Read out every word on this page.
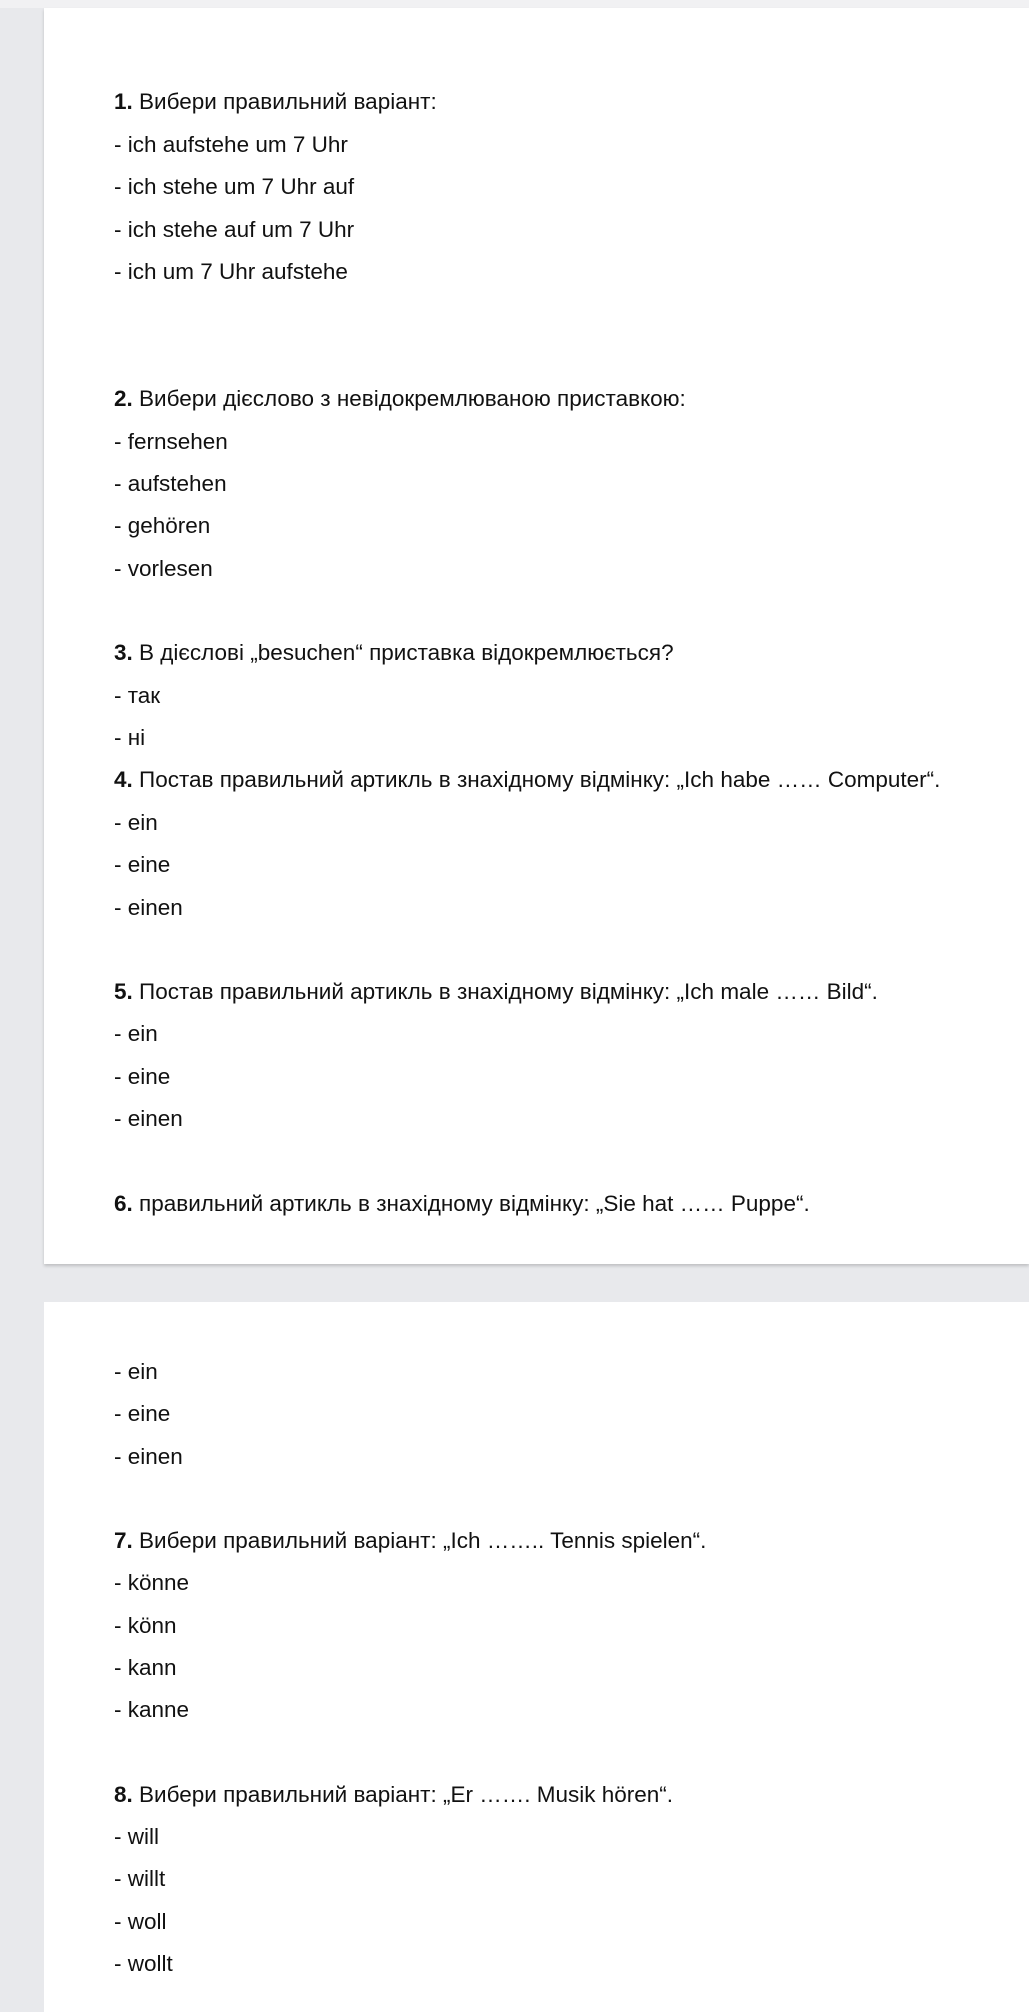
1. Вибери правильний варіант:
- ich aufstehe um 7 Uhr
- ich stehe um 7 Uhr auf
- ich stehe auf um 7 Uhr
- ich um 7 Uhr aufstehe
2. Вибери дієслово з невідокремлюваною приставкою:
- fernsehen
- aufstehen
- gehören
- vorlesen
3. В дієслові „besuchen“ приставка відокремлюється?
- так
- ні
4. Постав правильний артикль в знахідному відмінку: „Ich habe …… Computer“.
- ein
- eine
- einen
5. Постав правильний артикль в знахідному відмінку: „Ich male …… Bild“.
- ein
- eine
- einen
6. правильний артикль в знахідному відмінку: „Sie hat …… Puppe“.
- ein
- eine
- einen
7. Вибери правильний варіант: „Ich …….. Tennis spielen“.
- könne
- könn
- kann
- kanne
8. Вибери правильний варіант: „Er ……. Musik hören“.
- will
- willt
- woll
- wollt
